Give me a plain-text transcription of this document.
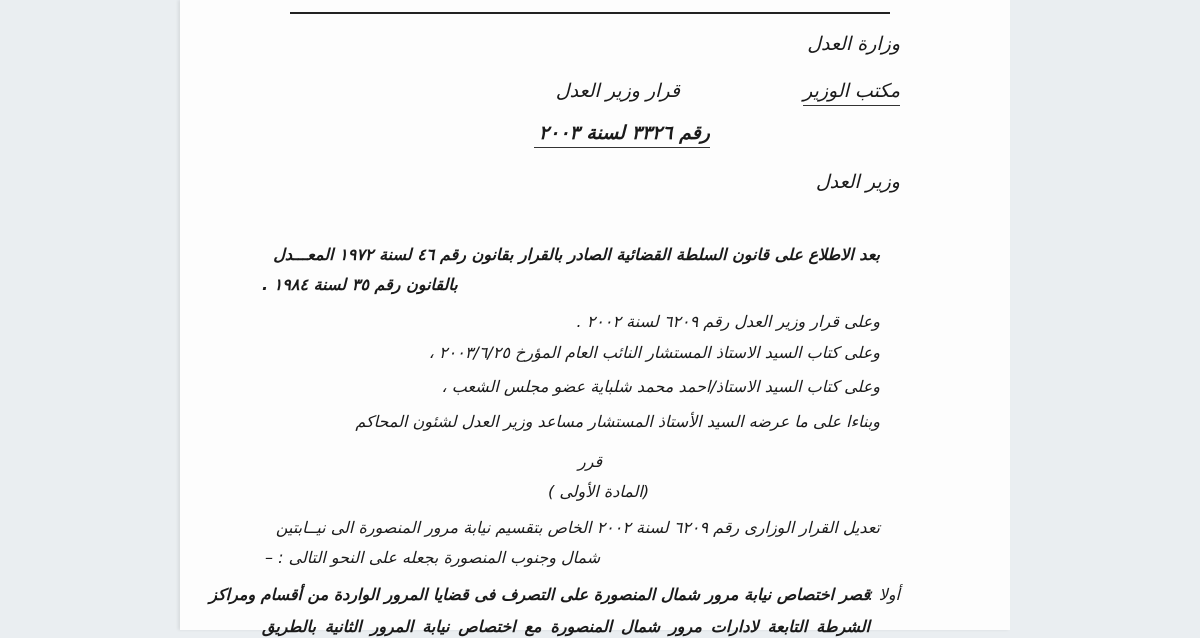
وزارة العدل
مكتب الوزير
قرار وزير العدل
رقم ٣٣٢٦ لسنة ٢٠٠٣
وزير العدل
بعد الاطلاع على قانون السلطة القضائية الصادر بالقرار بقانون رقم ٤٦ لسنة ١٩٧٢ المعـــدل
بالقانون رقم ٣٥ لسنة ١٩٨٤ .
وعلى قرار وزير العدل رقم ٦٢٠٩ لسنة ٢٠٠٢ .
وعلى كتاب السيد الاستاذ المستشار النائب العام المؤرخ ٢٠٠٣/٦/٢٥ ،
وعلى كتاب السيد الاستاذ/احمد محمد شلباية عضو مجلس الشعب ،
وبناءا على ما عرضه السيد الأستاذ المستشار مساعد وزير العدل لشئون المحاكم
قرر
(المادة الأولى )
تعديل القرار الوزارى رقم ٦٢٠٩ لسنة ٢٠٠٢ الخاص بتقسيم نيابة مرور المنصورة الى نيــابتين
شمال وجنوب المنصورة بجعله على النحو التالى : –
أولا :
قصر اختصاص نيابة مرور شمال المنصورة على التصرف فى قضايا المرور الواردة من أقسام ومراكز
الشرطة التابعة لادارات مرور شمال المنصورة مع اختصاص نيابة المرور الثانية بالطريق
